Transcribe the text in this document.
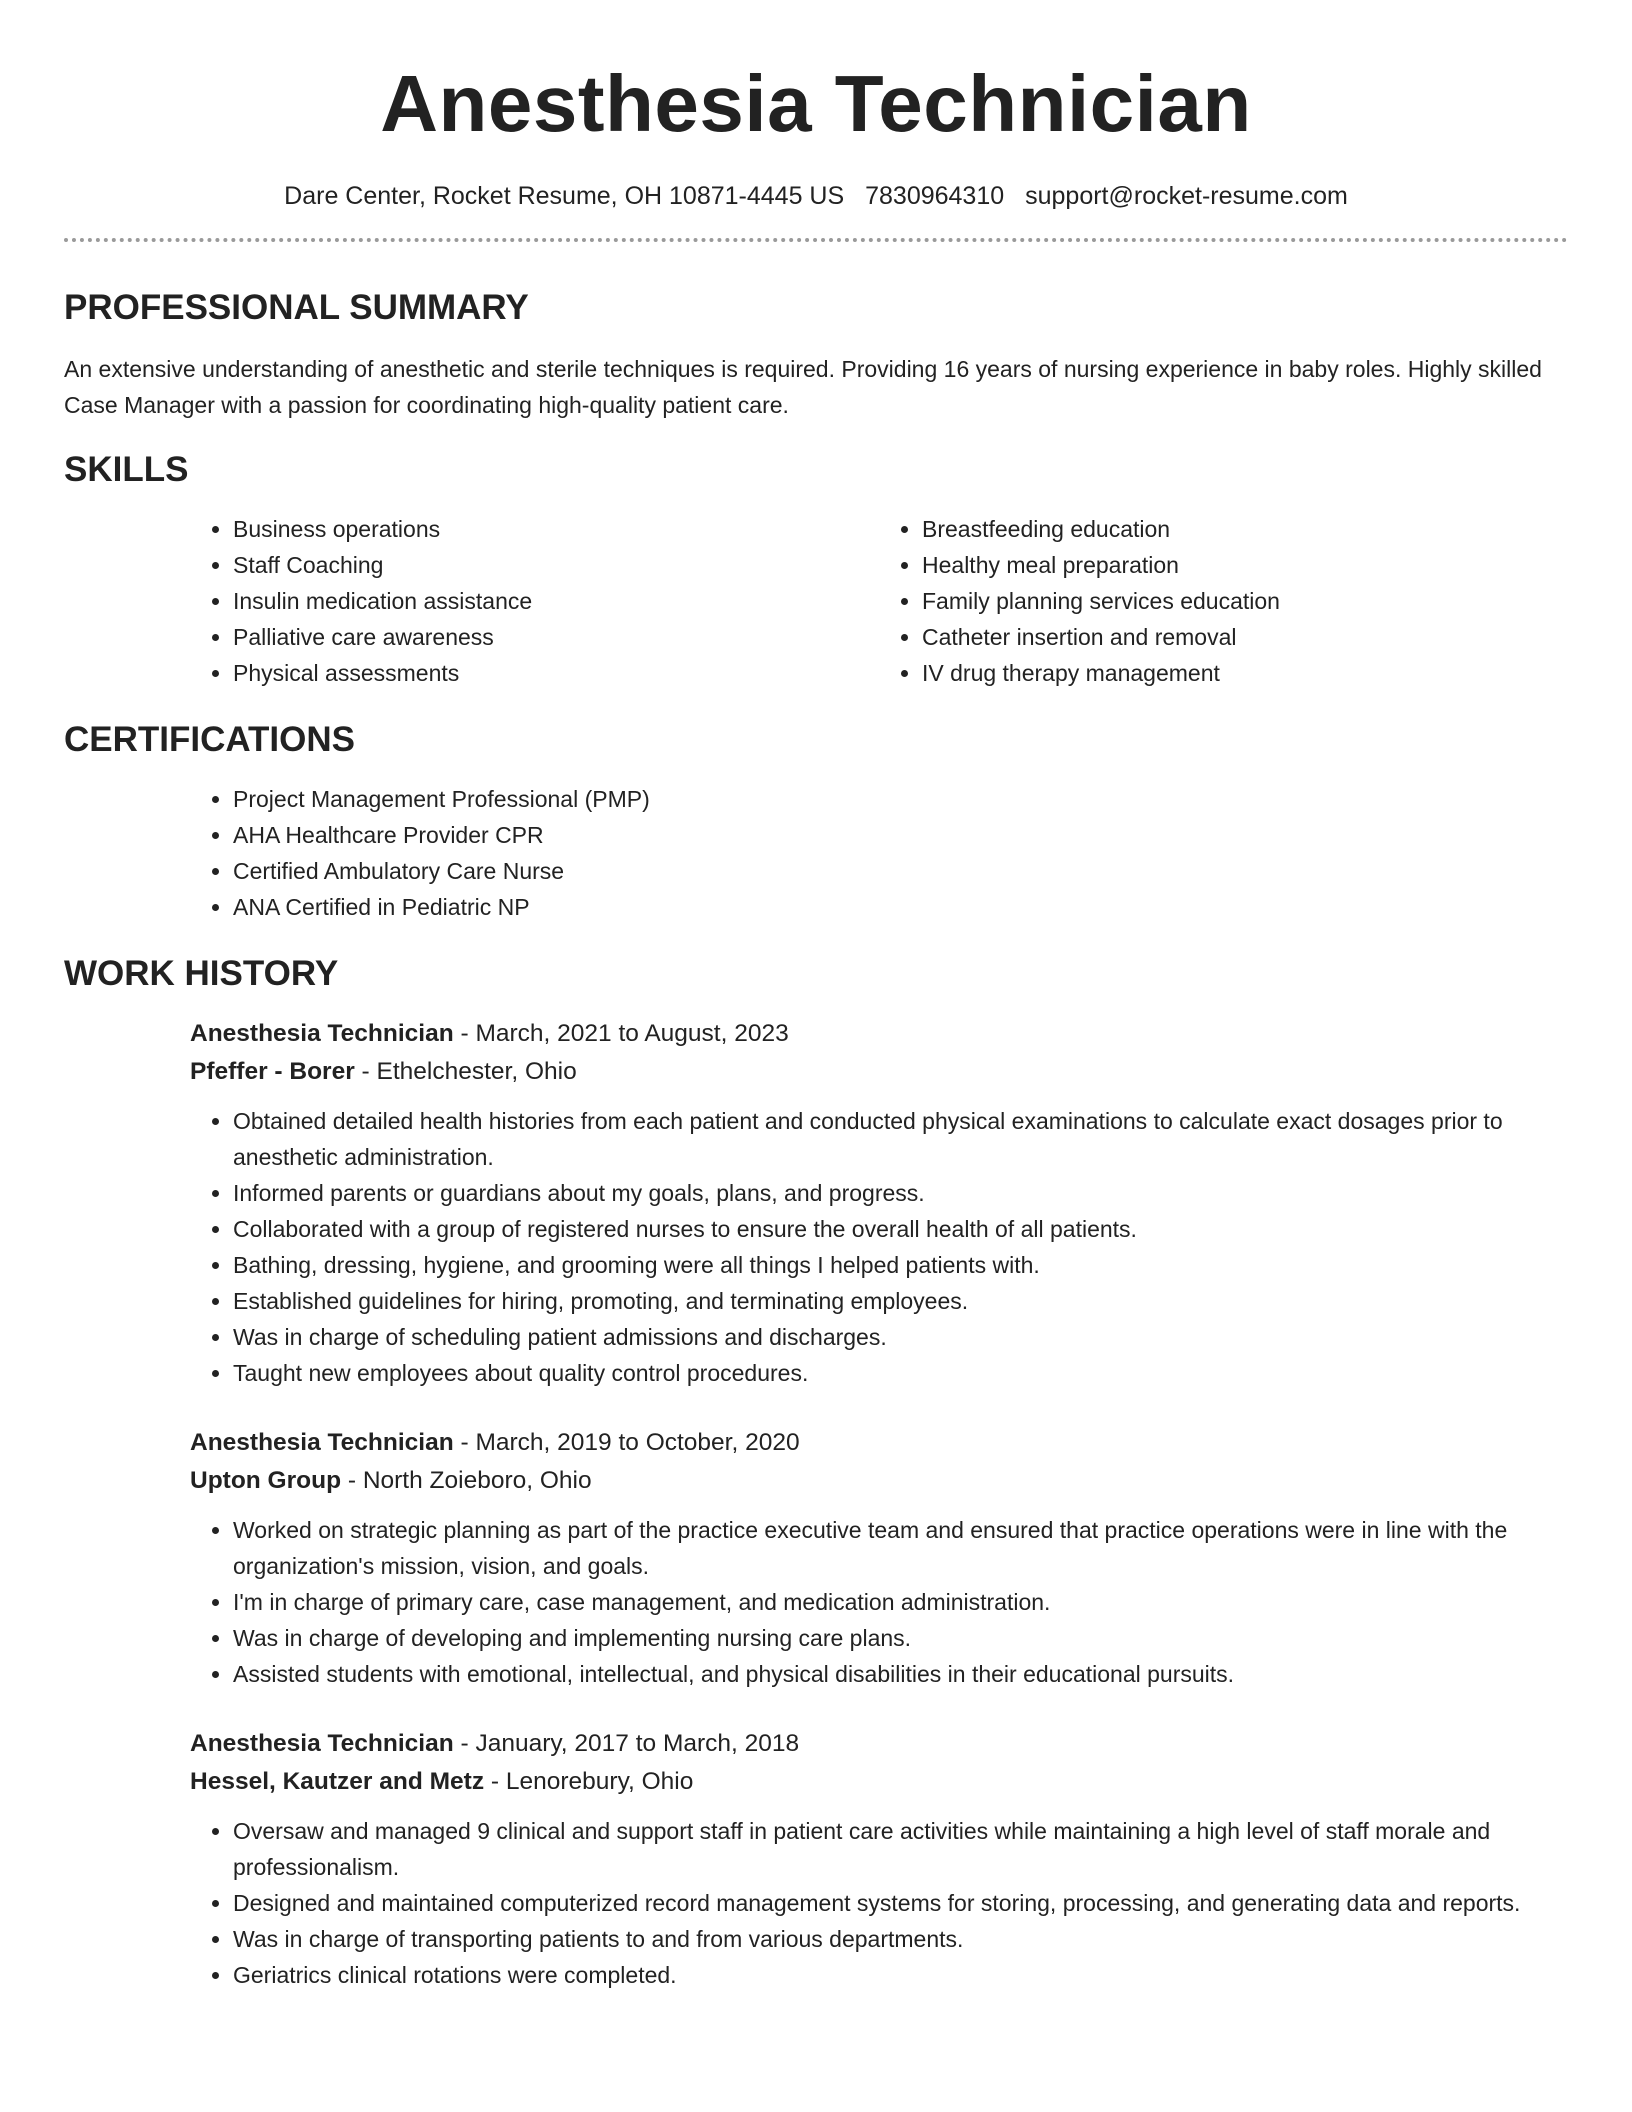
Anesthesia Technician
Dare Center, Rocket Resume, OH 10871-4445 US 7830964310 support@rocket-resume.com
PROFESSIONAL SUMMARY

An extensive understanding of anesthetic and sterile techniques is required. Providing 16 years of nursing experience in baby roles. Highly skilled Case Manager with a passion for coordinating high-quality patient care.

SKILLS
• Business operations
• Staff Coaching
• Insulin medication assistance
• Palliative care awareness
• Physical assessments
• Breastfeeding education
• Healthy meal preparation
• Family planning services education
• Catheter insertion and removal
• IV drug therapy management
CERTIFICATIONS
• Project Management Professional (PMP)
• AHA Healthcare Provider CPR
• Certified Ambulatory Care Nurse
• ANA Certified in Pediatric NP
WORK HISTORY

Anesthesia Technician - March, 2021 to August, 2023

Pfeffer - Borer - Ethelchester, Ohio

• Obtained detailed health histories from each patient and conducted physical examinations to calculate exact dosages prior to anesthetic administration.
• Informed parents or guardians about my goals, plans, and progress.
• Collaborated with a group of registered nurses to ensure the overall health of all patients.
• Bathing, dressing, hygiene, and grooming were all things I helped patients with.
• Established guidelines for hiring, promoting, and terminating employees.
• Was in charge of scheduling patient admissions and discharges.
• Taught new employees about quality control procedures.

Anesthesia Technician - March, 2019 to October, 2020

Upton Group - North Zoieboro, Ohio

• Worked on strategic planning as part of the practice executive team and ensured that practice operations were in line with the organization's mission, vision, and goals.
• I'm in charge of primary care, case management, and medication administration.
• Was in charge of developing and implementing nursing care plans.
• Assisted students with emotional, intellectual, and physical disabilities in their educational pursuits.

Anesthesia Technician - January, 2017 to March, 2018

Hessel, Kautzer and Metz - Lenorebury, Ohio

• Oversaw and managed 9 clinical and support staff in patient care activities while maintaining a high level of staff morale and professionalism.
• Designed and maintained computerized record management systems for storing, processing, and generating data and reports.
• Was in charge of transporting patients to and from various departments.
• Geriatrics clinical rotations were completed.
